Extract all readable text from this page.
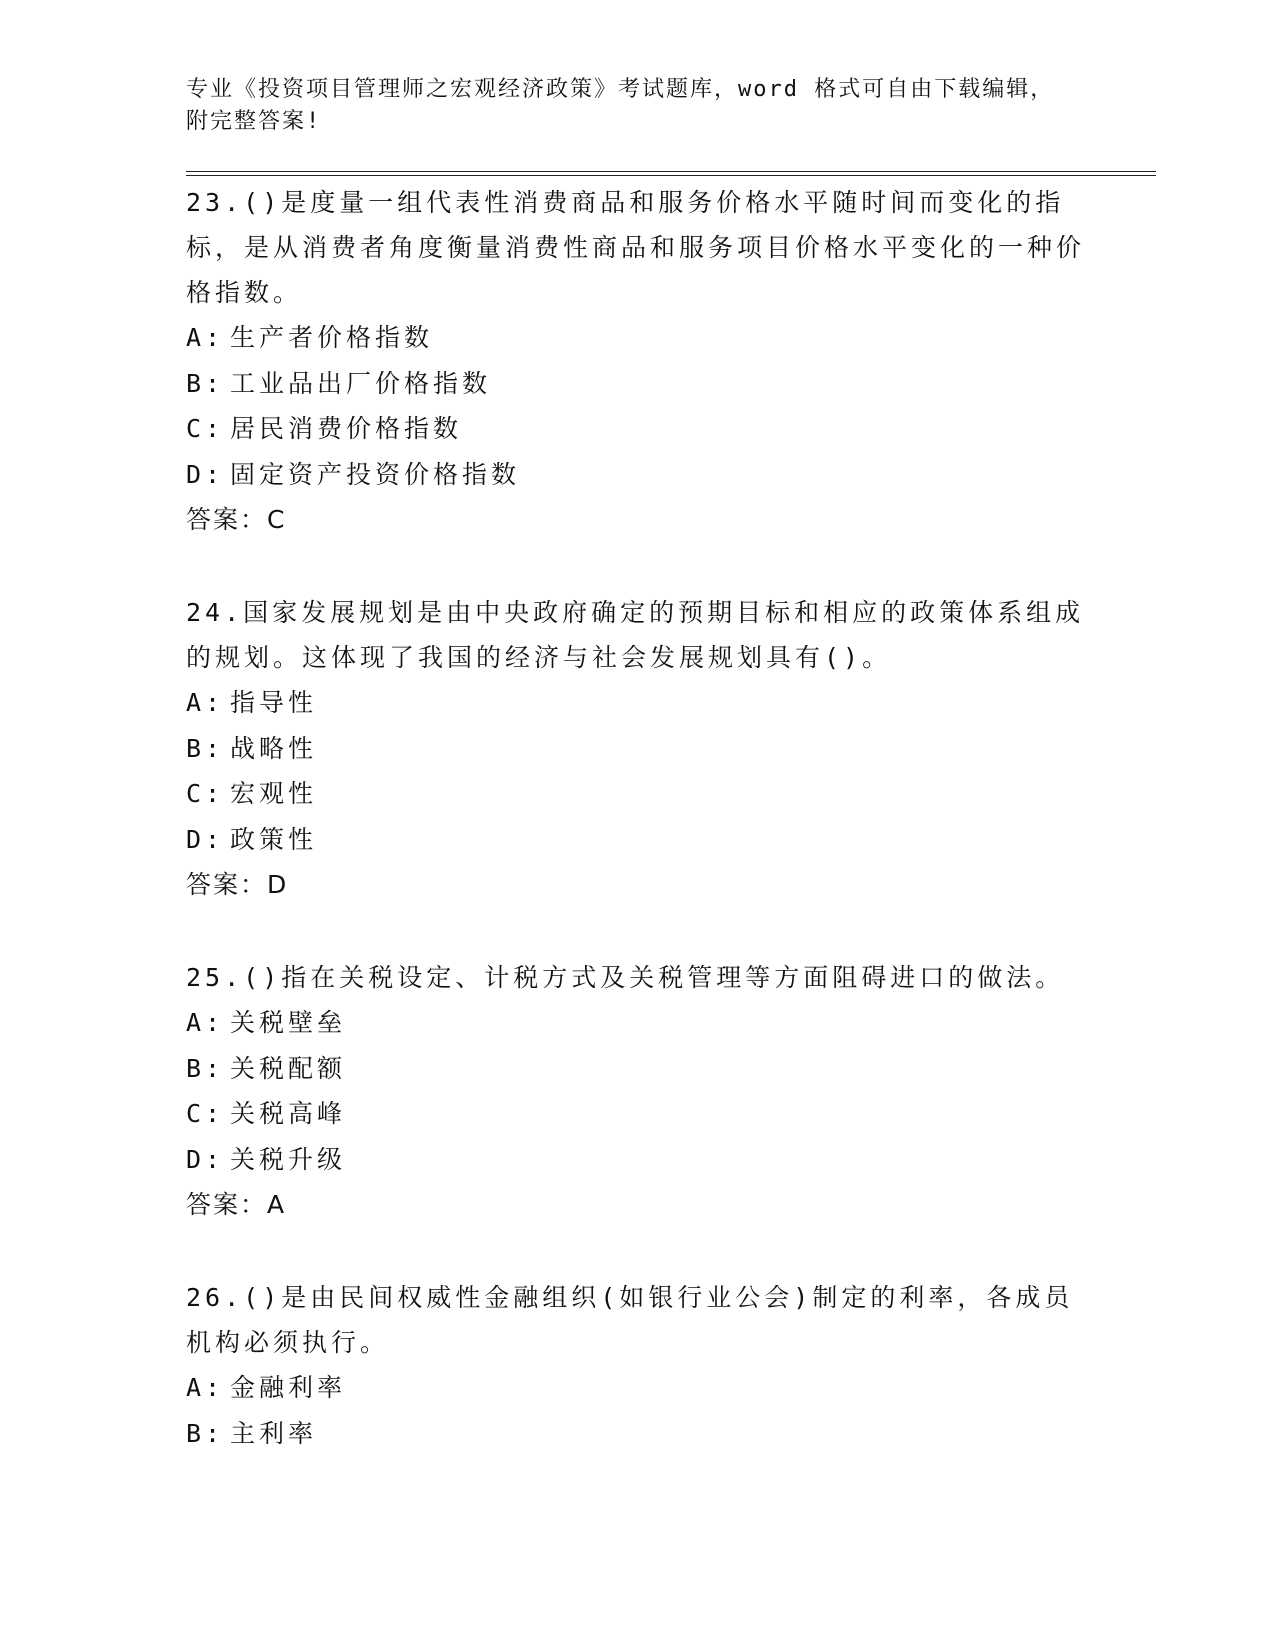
专业《投资项目管理师之宏观经济政策》考试题库，word 格式可自由下载编辑，
附完整答案!
23.()是度量一组代表性消费商品和服务价格水平随时间而变化的指标，是从消费者角度衡量消费性商品和服务项目价格水平变化的一种价格指数。
A: 生产者价格指数
B: 工业品出厂价格指数
C: 居民消费价格指数
D: 固定资产投资价格指数
答案：C
24.国家发展规划是由中央政府确定的预期目标和相应的政策体系组成的规划。这体现了我国的经济与社会发展规划具有()。
A: 指导性
B: 战略性
C: 宏观性
D: 政策性
答案：D
25.()指在关税设定、计税方式及关税管理等方面阻碍进口的做法。
A: 关税壁垒
B: 关税配额
C: 关税高峰
D: 关税升级
答案：A
26.()是由民间权威性金融组织(如银行业公会)制定的利率，各成员机构必须执行。
A: 金融利率
B: 主利率
